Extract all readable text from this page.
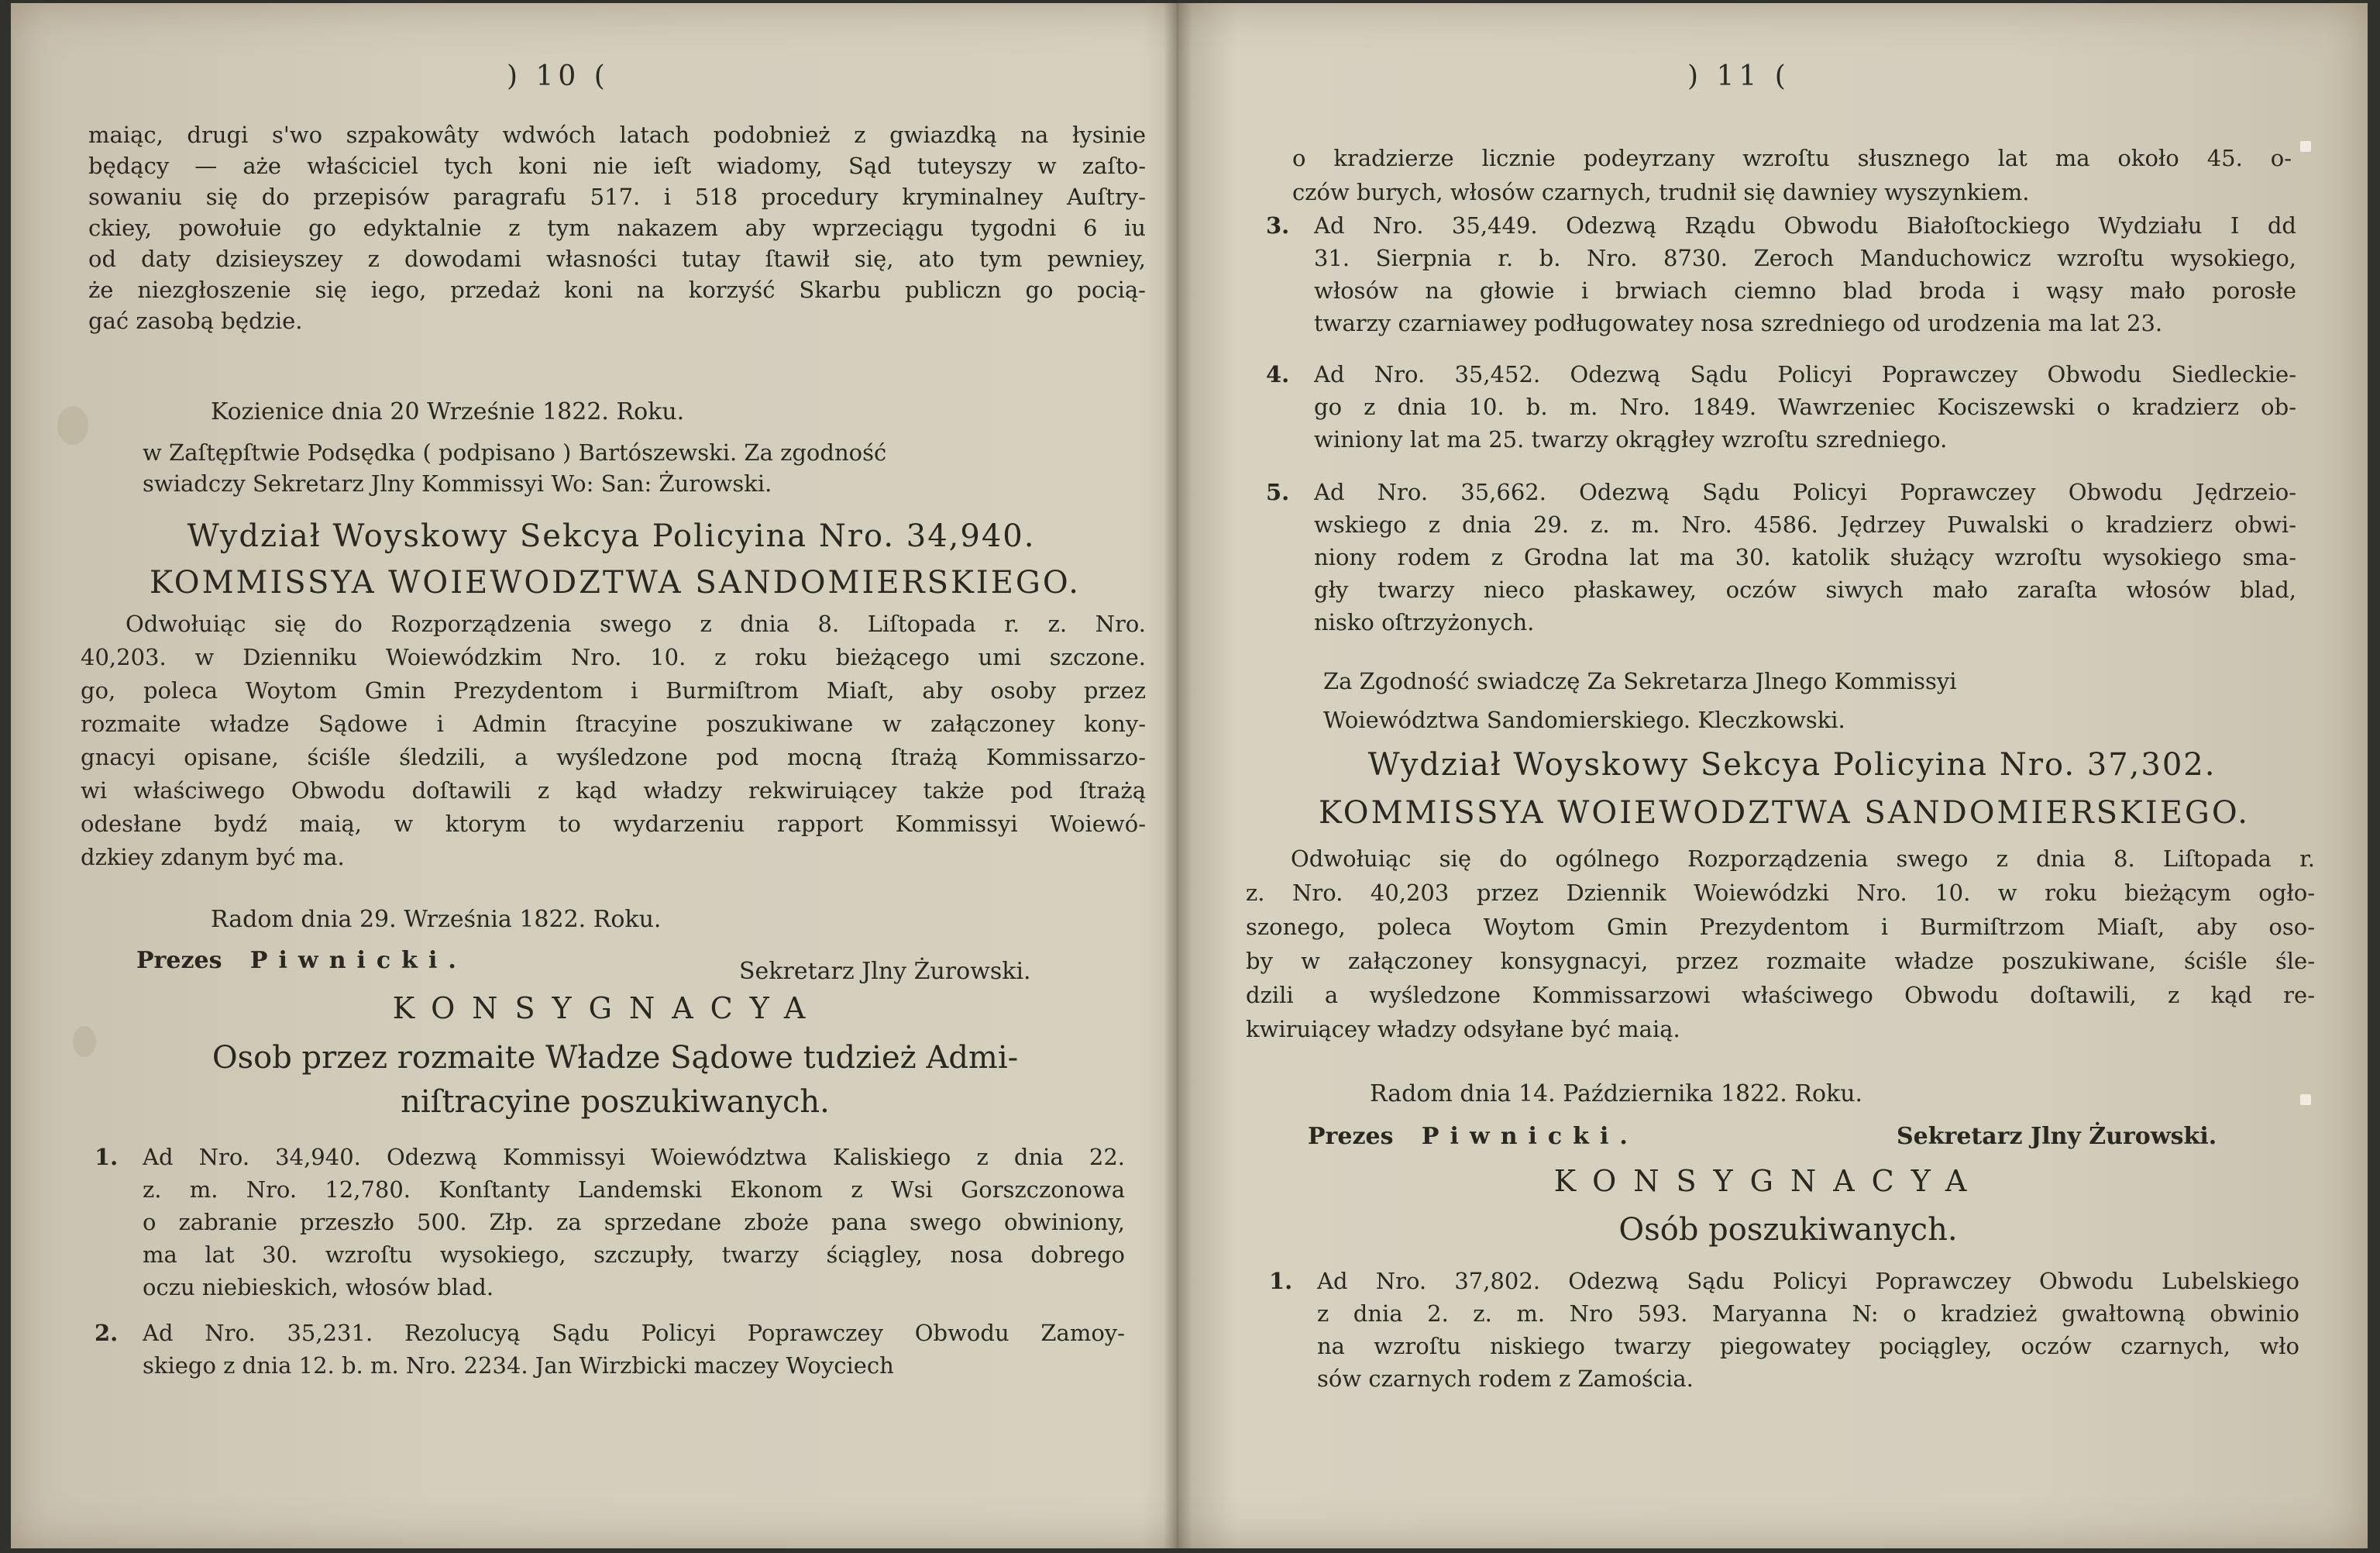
) 10 (
maiąc, drugi s'wo szpakowâty wdwóch latach podobnież z gwiazdką na łysinie
będący — aże właściciel tych koni nie ieſt wiadomy, Sąd tuteyszy w zaſto-
sowaniu się do przepisów paragrafu 517. i 518 procedury kryminalney Auſtry-
ckiey, powołuie go edyktalnie z tym nakazem aby wprzeciągu tygodni 6 iu
od daty dzisieyszey z dowodami własności tutay ſtawił się, ato tym pewniey,
że niezgłoszenie się iego, przedaż koni na korzyść Skarbu publiczn go pocią-
gać zasobą będzie.
Kozienice dnia 20 Wrześnie 1822. Roku.
w Zaſtępſtwie Podsędka ( podpisano ) Bartószewski. Za zgodność
swiadczy Sekretarz Jlny Kommissyi Wo: San: Żurowski.
Wydział Woyskowy Sekcya Policyina Nro. 34,940.
KOMMISSYA WOIEWODZTWA SANDOMIERSKIEGO.
Odwołuiąc się do Rozporządzenia swego z dnia 8. Liſtopada r. z. Nro.
40,203. w Dzienniku Woiewódzkim Nro. 10. z roku bieżącego umi szczone.
go, poleca Woytom Gmin Prezydentom i Burmiſtrom Miaſt, aby osoby przez
rozmaite władze Sądowe i Admin ſtracyine poszukiwane w załączoney kony-
gnacyi opisane, ściśle śledzili, a wyśledzone pod mocną ſtrażą Kommissarzo-
wi właściwego Obwodu doſtawili z kąd władzy rekwiruiącey także pod ſtrażą
odesłane bydź maią, w ktorym to wydarzeniu rapport Kommissyi Woiewó-
dzkiey zdanym być ma.
Radom dnia 29. Września 1822. Roku.
Prezes Piwnicki.	Sekretarz Jlny Żurowski.
KONSYGNACYA
Osob przez rozmaite Władze Sądowe tudzież Admi-
niſtracyine poszukiwanych.
1. Ad Nro. 34,940. Odezwą Kommissyi Woiewództwa Kaliskiego z dnia 22.
z. m. Nro. 12,780. Konſtanty Landemski Ekonom z Wsi Gorszczonowa
o zabranie przeszło 500. Złp. za sprzedane zboże pana swego obwiniony,
ma lat 30. wzroſtu wysokiego, szczupły, twarzy ściągley, nosa dobrego
oczu niebieskich, włosów blad.
2. Ad Nro. 35,231. Rezolucyą Sądu Policyi Poprawczey Obwodu Zamoy-
skiego z dnia 12. b. m. Nro. 2234. Jan Wirzbicki maczey Woyciech
) 11 (
o kradzierze licznie podeyrzany wzroſtu słusznego lat ma około 45. o-
czów burych, włosów czarnych, trudnił się dawniey wyszynkiem.
3. Ad Nro. 35,449. Odezwą Rządu Obwodu Białoſtockiego Wydziału I dd
31. Sierpnia r. b. Nro. 8730. Zeroch Manduchowicz wzroſtu wysokiego,
włosów na głowie i brwiach ciemno blad broda i wąsy mało porosłe
twarzy czarniawey podługowatey nosa szredniego od urodzenia ma lat 23.
4. Ad Nro. 35,452. Odezwą Sądu Policyi Poprawczey Obwodu Siedleckie-
go z dnia 10. b. m. Nro. 1849. Wawrzeniec Kociszewski o kradzierz ob-
winiony lat ma 25. twarzy okrągłey wzroſtu szredniego.
5. Ad Nro. 35,662. Odezwą Sądu Policyi Poprawczey Obwodu Jędrzeio-
wskiego z dnia 29. z. m. Nro. 4586. Jędrzey Puwalski o kradzierz obwi-
niony rodem z Grodna lat ma 30. katolik służący wzroſtu wysokiego sma-
gły twarzy nieco płaskawey, oczów siwych mało zaraſta włosów blad,
nisko oſtrzyżonych.
Za Zgodność swiadczę Za Sekretarza Jlnego Kommissyi
Woiewództwa Sandomierskiego. Kleczkowski.
Wydział Woyskowy Sekcya Policyina Nro. 37,302.
KOMMISSYA WOIEWODZTWA SANDOMIERSKIEGO.
Odwołuiąc się do ogólnego Rozporządzenia swego z dnia 8. Liſtopada r.
z. Nro. 40,203 przez Dziennik Woiewódzki Nro. 10. w roku bieżącym ogło-
szonego, poleca Woytom Gmin Prezydentom i Burmiſtrzom Miaſt, aby oso-
by w załączoney konsygnacyi, przez rozmaite władze poszukiwane, ściśle śle-
dzili a wyśledzone Kommissarzowi właściwego Obwodu doſtawili, z kąd re-
kwiruiącey władzy odsyłane być maią.
Radom dnia 14. Października 1822. Roku.
Prezes Piwnicki.	Sekretarz Jlny Żurowski.
KONSYGNACYA
Osób poszukiwanych.
1. Ad Nro. 37,802. Odezwą Sądu Policyi Poprawczey Obwodu Lubelskiego
z dnia 2. z. m. Nro 593. Maryanna N: o kradzież gwałtowną obwinio
na wzroſtu niskiego twarzy piegowatey pociągley, oczów czarnych, wło
sów czarnych rodem z Zamościa.
